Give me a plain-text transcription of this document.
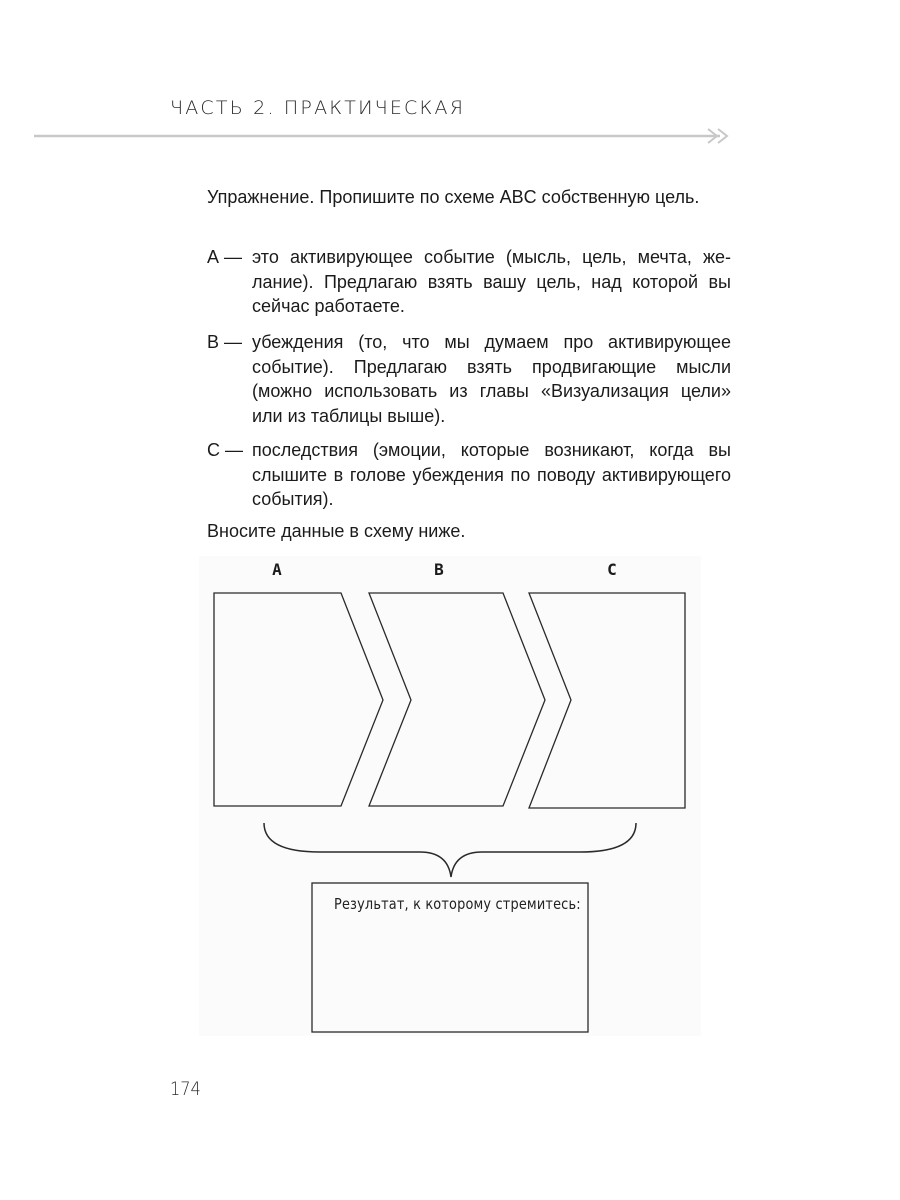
ЧАСТЬ 2. ПРАКТИЧЕСКАЯ
Упражнение. Пропишите по схеме ABC собственную цель.
А — это активирующее событие (мысль, цель, мечта, желание). Предлагаю взять вашу цель, над которой вы сейчас работаете.
В — убеждения (то, что мы думаем про активирующее событие). Предлагаю взять продвигающие мысли (можно использовать из главы «Визуализация цели» или из таблицы выше).
С — последствия (эмоции, которые возникают, когда вы слышите в голове убеждения по поводу активирующего события).
Вносите данные в схему ниже.
A	B	C
Результат, к которому стремитесь:
174
